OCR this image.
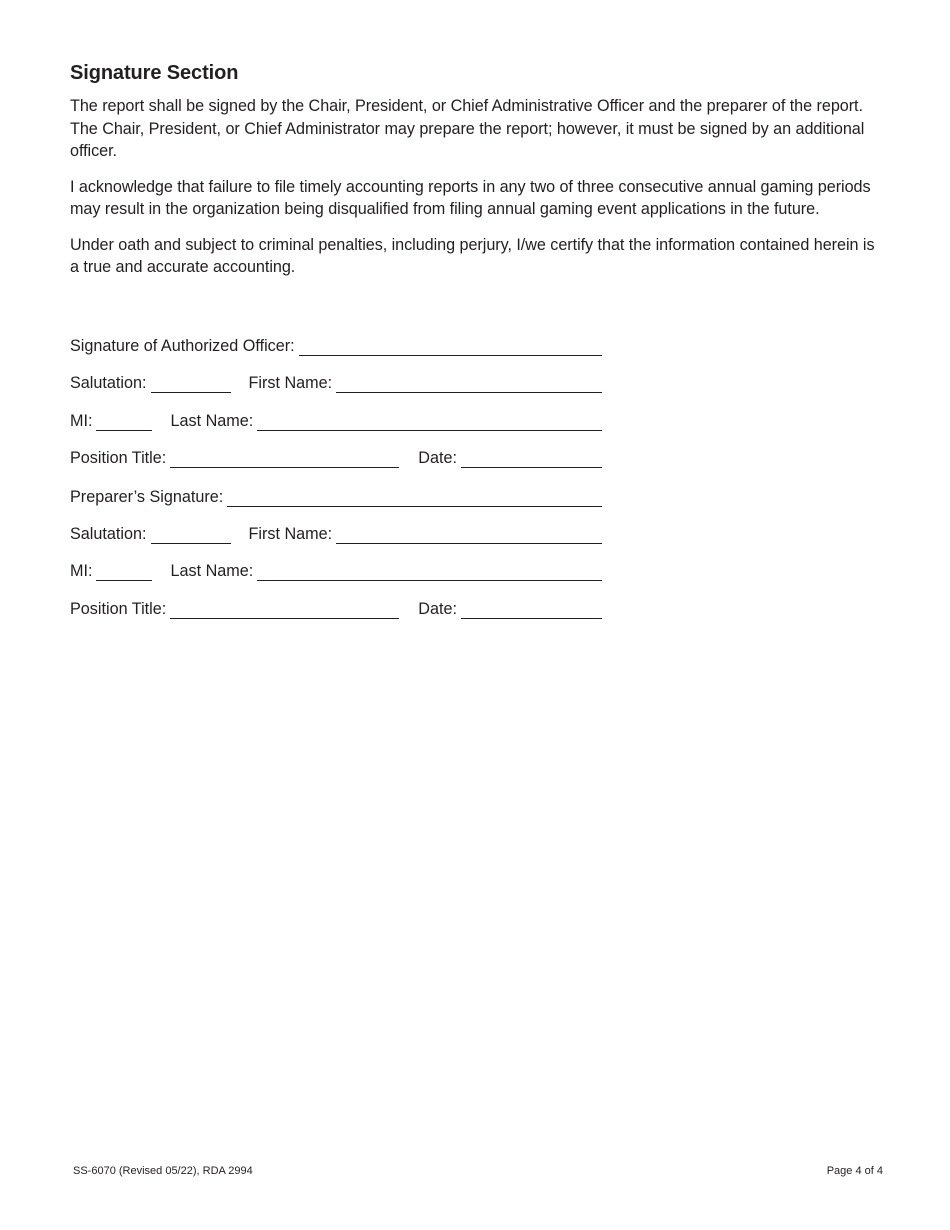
Signature Section

The report shall be signed by the Chair, President, or Chief Administrative Officer and the preparer of the report. The Chair, President, or Chief Administrator may prepare the report; however, it must be signed by an additional officer.

I acknowledge that failure to file timely accounting reports in any two of three consecutive annual gaming periods may result in the organization being disqualified from filing annual gaming event applications in the future.

Under oath and subject to criminal penalties, including perjury, I/we certify that the information contained herein is a true and accurate accounting.

Signature of Authorized Officer:
Salutation:	First Name:
MI:	Last Name:
Position Title:	Date:
Preparer’s Signature:
Salutation:	First Name:
MI:	Last Name:
Position Title:	Date:
SS-6070 (Revised 05/22), RDA 2994	Page 4 of 4
